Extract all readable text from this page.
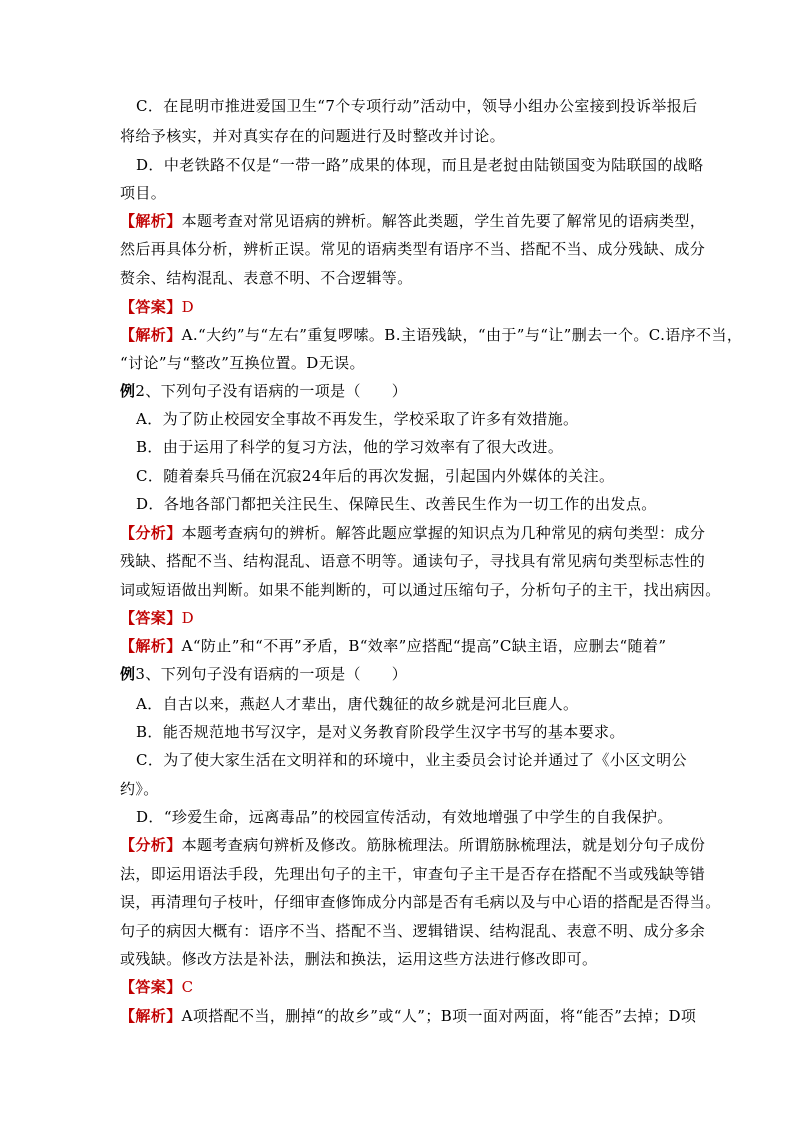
C．在昆明市推进爱国卫生“7个专项行动”活动中，领导小组办公室接到投诉举报后
将给予核实，并对真实存在的问题进行及时整改并讨论。
D．中老铁路不仅是“一带一路”成果的体现，而且是老挝由陆锁国变为陆联国的战略
项目。
【解析】本题考查对常见语病的辨析。解答此类题，学生首先要了解常见的语病类型，
然后再具体分析，辨析正误。常见的语病类型有语序不当、搭配不当、成分残缺、成分
赘余、结构混乱、表意不明、不合逻辑等。
【答案】D
【解析】A.“大约”与“左右”重复啰嗦。B.主语残缺，“由于”与“让”删去一个。C.语序不当，
“讨论”与“整改”互换位置。D无误。
例2、下列句子没有语病的一项是（　　）
A．为了防止校园安全事故不再发生，学校采取了许多有效措施。
B．由于运用了科学的复习方法，他的学习效率有了很大改进。
C．随着秦兵马俑在沉寂24年后的再次发掘，引起国内外媒体的关注。
D．各地各部门都把关注民生、保障民生、改善民生作为一切工作的出发点。
【分析】本题考查病句的辨析。解答此题应掌握的知识点为几种常见的病句类型：成分
残缺、搭配不当、结构混乱、语意不明等。通读句子，寻找具有常见病句类型标志性的
词或短语做出判断。如果不能判断的，可以通过压缩句子，分析句子的主干，找出病因。
【答案】D
【解析】A“防止”和“不再”矛盾，B“效率”应搭配“提高”C缺主语，应删去“随着”
例3、下列句子没有语病的一项是（　　）
A．自古以来，燕赵人才辈出，唐代魏征的故乡就是河北巨鹿人。
B．能否规范地书写汉字，是对义务教育阶段学生汉字书写的基本要求。
C．为了使大家生活在文明祥和的环境中，业主委员会讨论并通过了《小区文明公
约》。
D．“珍爱生命，远离毒品”的校园宣传活动，有效地增强了中学生的自我保护。
【分析】本题考查病句辨析及修改。筋脉梳理法。所谓筋脉梳理法，就是划分句子成份
法，即运用语法手段，先理出句子的主干，审查句子主干是否存在搭配不当或残缺等错
误，再清理句子枝叶，仔细审查修饰成分内部是否有毛病以及与中心语的搭配是否得当。
句子的病因大概有：语序不当、搭配不当、逻辑错误、结构混乱、表意不明、成分多余
或残缺。修改方法是补法，删法和换法，运用这些方法进行修改即可。
【答案】C
【解析】A项搭配不当，删掉“的故乡”或“人”；B项一面对两面，将“能否”去掉；D项
